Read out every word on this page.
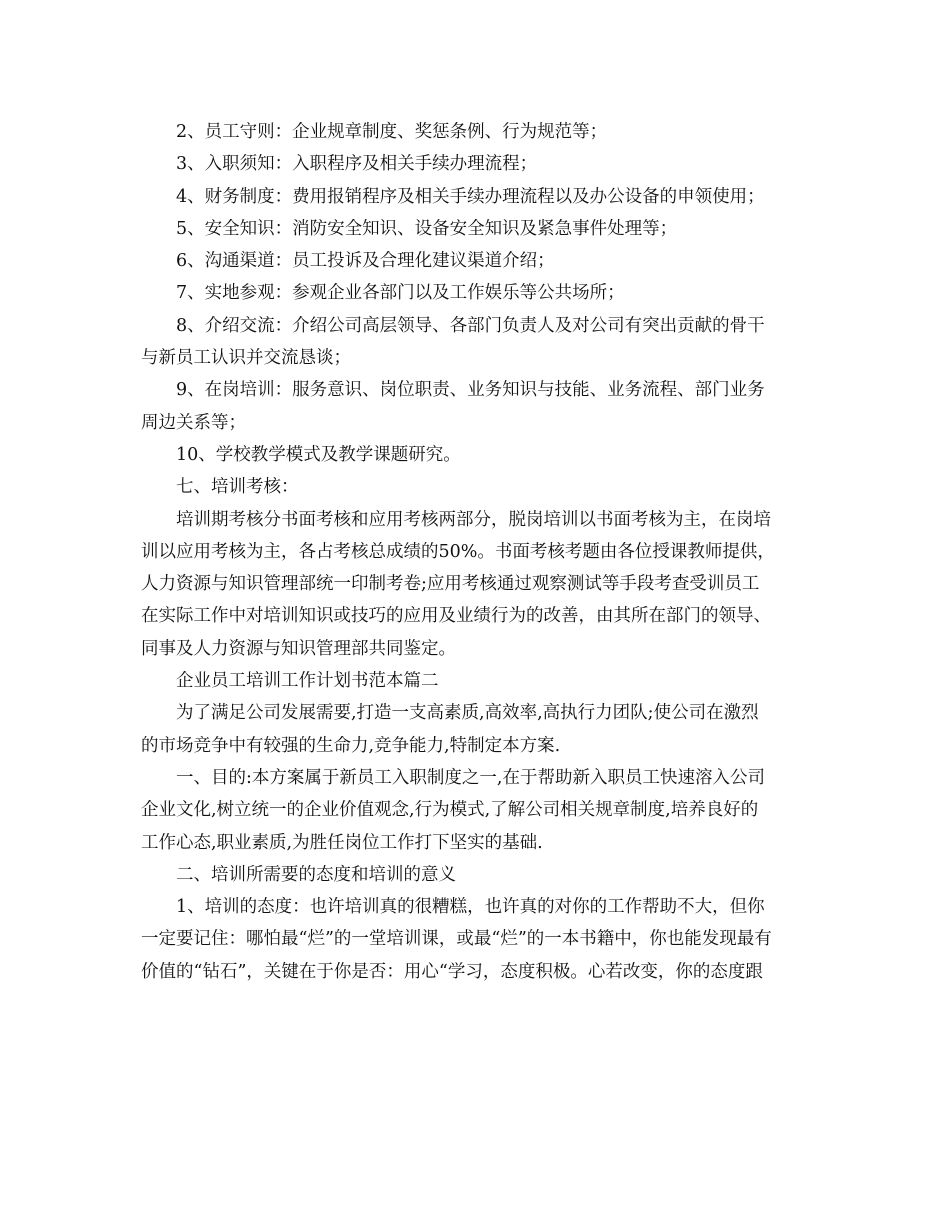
2、员工守则：企业规章制度、奖惩条例、行为规范等；
3、入职须知：入职程序及相关手续办理流程；
4、财务制度：费用报销程序及相关手续办理流程以及办公设备的申领使用；
5、安全知识：消防安全知识、设备安全知识及紧急事件处理等；
6、沟通渠道：员工投诉及合理化建议渠道介绍；
7、实地参观：参观企业各部门以及工作娱乐等公共场所；
8、介绍交流：介绍公司高层领导、各部门负责人及对公司有突出贡献的骨干
与新员工认识并交流恳谈；
9、在岗培训：服务意识、岗位职责、业务知识与技能、业务流程、部门业务
周边关系等；
10、学校教学模式及教学课题研究。
七、培训考核：
培训期考核分书面考核和应用考核两部分，脱岗培训以书面考核为主，在岗培
训以应用考核为主，各占考核总成绩的50%。书面考核考题由各位授课教师提供，
人力资源与知识管理部统一印制考卷;应用考核通过观察测试等手段考查受训员工
在实际工作中对培训知识或技巧的应用及业绩行为的改善，由其所在部门的领导、
同事及人力资源与知识管理部共同鉴定。
企业员工培训工作计划书范本篇二
为了满足公司发展需要,打造一支高素质,高效率,高执行力团队;使公司在激烈
的市场竞争中有较强的生命力,竞争能力,特制定本方案.
一、目的:本方案属于新员工入职制度之一,在于帮助新入职员工快速溶入公司
企业文化,树立统一的企业价值观念,行为模式,了解公司相关规章制度,培养良好的
工作心态,职业素质,为胜任岗位工作打下坚实的基础.
二、培训所需要的态度和培训的意义
1、培训的态度：也许培训真的很糟糕，也许真的对你的工作帮助不大，但你
一定要记住：哪怕最“烂”的一堂培训课，或最“烂”的一本书籍中，你也能发现最有
价值的“钻石”，关键在于你是否：用心“学习，态度积极。心若改变，你的态度跟
